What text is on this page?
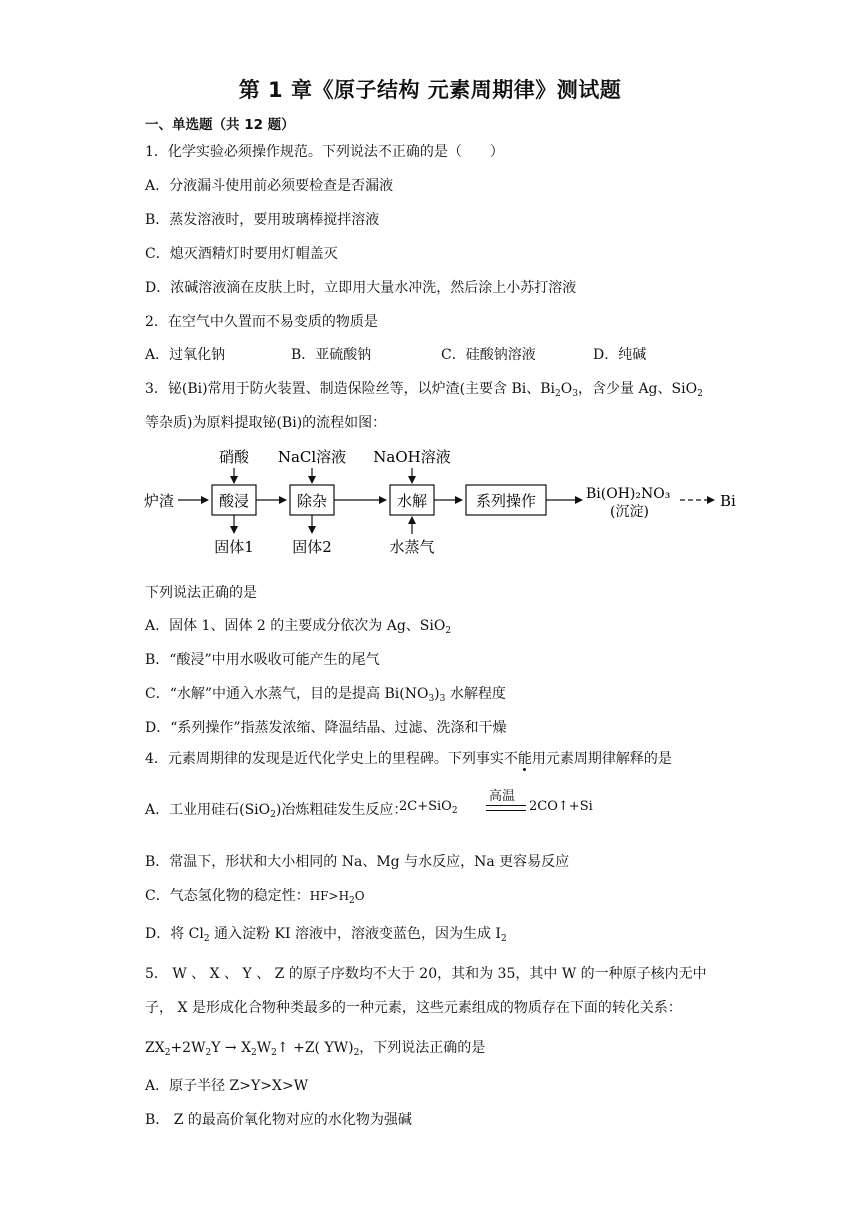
第 1 章《原子结构 元素周期律》测试题
一、单选题（共 12 题）
1．化学实验必须操作规范。下列说法不正确的是（　　）
A．分液漏斗使用前必须要检查是否漏液
B．蒸发溶液时，要用玻璃棒搅拌溶液
C．熄灭酒精灯时要用灯帽盖灭
D．浓碱溶液滴在皮肤上时，立即用大量水冲洗，然后涂上小苏打溶液
2．在空气中久置而不易变质的物质是
A．过氧化钠	B．亚硫酸钠	C．硅酸钠溶液	D．纯碱
3．铋(Bi)常用于防火装置、制造保险丝等，以炉渣(主要含 Bi、$Bi_2O_3$，含少量 Ag、SiO$_2$
等杂质)为原料提取铋(Bi)的流程如图：
炉渣	酸浸	除杂	水解	系列操作	Bi(OH)₂NO₃
(沉淀)
Bi
硝酸 NaCl溶液 NaOH溶液
固体1	固体2	水蒸气
下列说法正确的是
A．固体 1、固体 2 的主要成分依次为 Ag、SiO$_2$
B．“酸浸”中用水吸收可能产生的尾气
C．“水解”中通入水蒸气，目的是提高 $Bi(NO_3)_3$ 水解程度
D．“系列操作”指蒸发浓缩、降温结晶、过滤、洗涤和干燥
4．元素周期律的发现是近代化学史上的里程碑。下列事实不能用元素周期律解释的是
A．工业用硅石(SiO$_2$)冶炼粗硅发生反应：
2C+SiO$_2$
高温
2CO↑+Si
B．常温下，形状和大小相同的 Na、Mg 与水反应，Na 更容易反应
C．气态氢化物的稳定性：$HF>H_2O$
D．将 $Cl_2$ 通入淀粉 KI 溶液中，溶液变蓝色，因为生成 $I_2$
5． W 、 X 、 Y 、 Z 的原子序数均不大于 20，其和为 35，其中 W 的一种原子核内无中
子， X 是形成化合物种类最多的一种元素，这些元素组成的物质存在下面的转化关系：
$ZX_2+2W_2Y$ → $X_2W_2↑ +Z$( $YW)_2$，下列说法正确的是
A．原子半径 Z>Y>X>W
B． Z 的最高价氧化物对应的水化物为强碱
